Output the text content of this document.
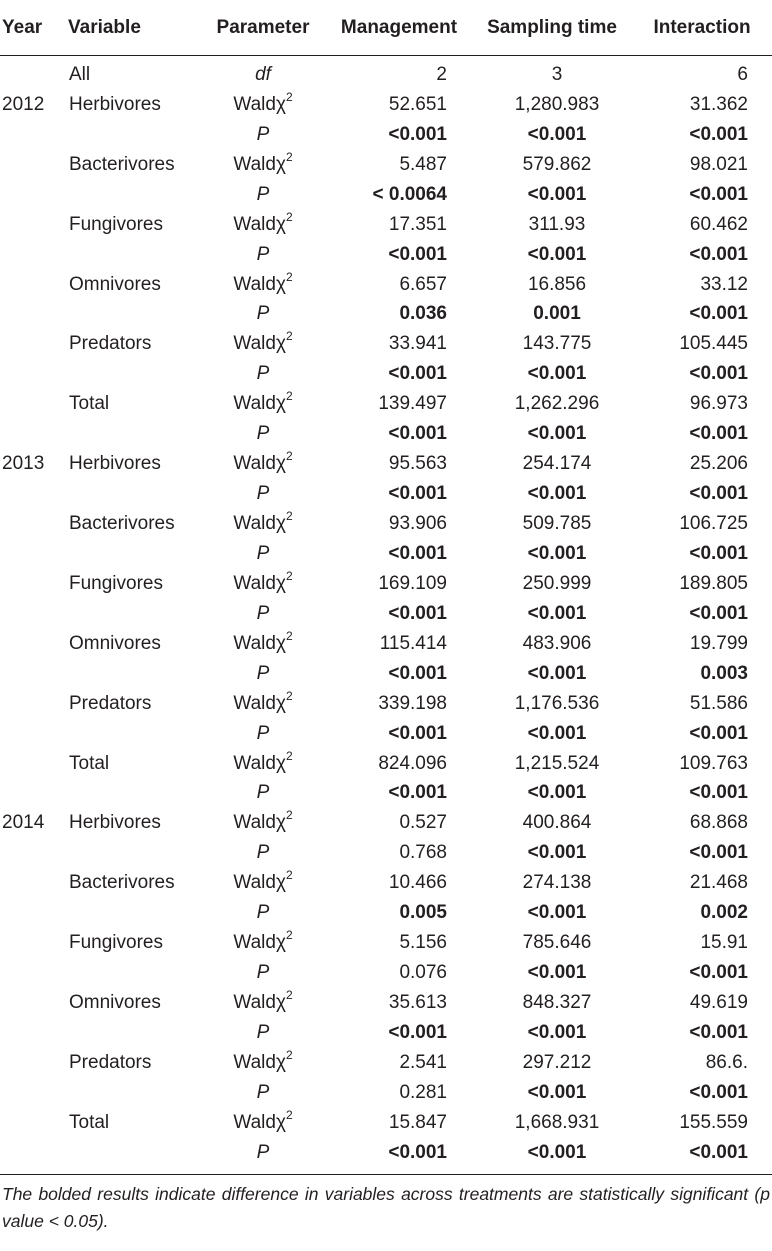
Year	Variable	Parameter	Management	Sampling time	Interaction
	All	df	2	3	6
2012	Herbivores	Waldχ$^2$	52.651	1,280.983	31.362
		P	<0.001	<0.001	<0.001
	Bacterivores	Waldχ$^2$	5.487	579.862	98.021
		P	< 0.0064	<0.001	<0.001
	Fungivores	Waldχ$^2$	17.351	311.93	60.462
		P	<0.001	<0.001	<0.001
	Omnivores	Waldχ$^2$	6.657	16.856	33.12
		P	0.036	0.001	<0.001
	Predators	Waldχ$^2$	33.941	143.775	105.445
		P	<0.001	<0.001	<0.001
	Total	Waldχ$^2$	139.497	1,262.296	96.973
		P	<0.001	<0.001	<0.001
2013	Herbivores	Waldχ$^2$	95.563	254.174	25.206
		P	<0.001	<0.001	<0.001
	Bacterivores	Waldχ$^2$	93.906	509.785	106.725
		P	<0.001	<0.001	<0.001
	Fungivores	Waldχ$^2$	169.109	250.999	189.805
		P	<0.001	<0.001	<0.001
	Omnivores	Waldχ$^2$	115.414	483.906	19.799
		P	<0.001	<0.001	0.003
	Predators	Waldχ$^2$	339.198	1,176.536	51.586
		P	<0.001	<0.001	<0.001
	Total	Waldχ$^2$	824.096	1,215.524	109.763
		P	<0.001	<0.001	<0.001
2014	Herbivores	Waldχ$^2$	0.527	400.864	68.868
		P	0.768	<0.001	<0.001
	Bacterivores	Waldχ$^2$	10.466	274.138	21.468
		P	0.005	<0.001	0.002
	Fungivores	Waldχ$^2$	5.156	785.646	15.91
		P	0.076	<0.001	<0.001
	Omnivores	Waldχ$^2$	35.613	848.327	49.619
		P	<0.001	<0.001	<0.001
	Predators	Waldχ$^2$	2.541	297.212	86.6.
		P	0.281	<0.001	<0.001
	Total	Waldχ$^2$	15.847	1,668.931	155.559
		P	<0.001	<0.001	<0.001
The bolded results indicate difference in variables across treatments are statistically significant (p value < 0.05).
